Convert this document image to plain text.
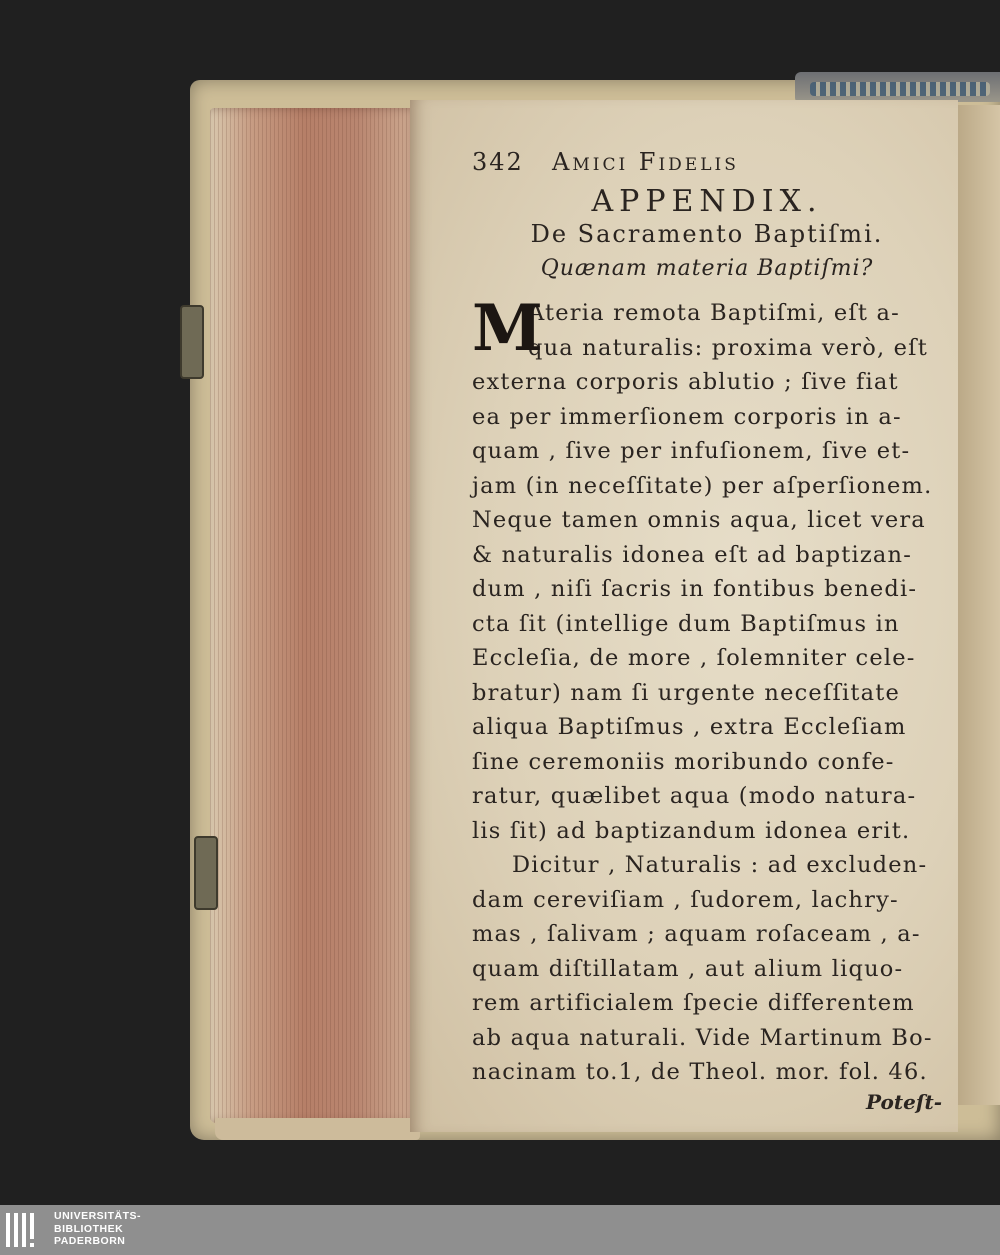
342	Amici Fidelis
APPENDIX.
De Sacramento Baptiſmi.
Quænam materia Baptiſmi?
M
Ateria remota Baptiſmi, eſt a-
qua naturalis: proxima verò, eſt
externa corporis ablutio ; ſive fiat
ea per immerſionem corporis in a-
quam , ſive per infuſionem, ſive et-
jam (in neceſſitate) per aſperſionem.
Neque tamen omnis aqua, licet vera
& naturalis idonea eſt ad baptizan-
dum , niſi ſacris in fontibus benedi-
cta ſit (intellige dum Baptiſmus in
Eccleſia, de more , ſolemniter cele-
bratur) nam ſi urgente neceſſitate
aliqua Baptiſmus , extra Eccleſiam
ſine ceremoniis moribundo confe-
ratur, quælibet aqua (modo natura-
lis ſit) ad baptizandum idonea erit.
Dicitur , Naturalis : ad excluden-
dam cereviſiam , ſudorem, lachry-
mas , ſalivam ; aquam roſaceam , a-
quam diſtillatam , aut alium liquo-
rem artificialem ſpecie differentem
ab aqua naturali. Vide Martinum Bo-
nacinam to.1, de Theol. mor. fol. 46.
Poteſt-
UNIVERSITÄTS-
BIBLIOTHEK
PADERBORN
